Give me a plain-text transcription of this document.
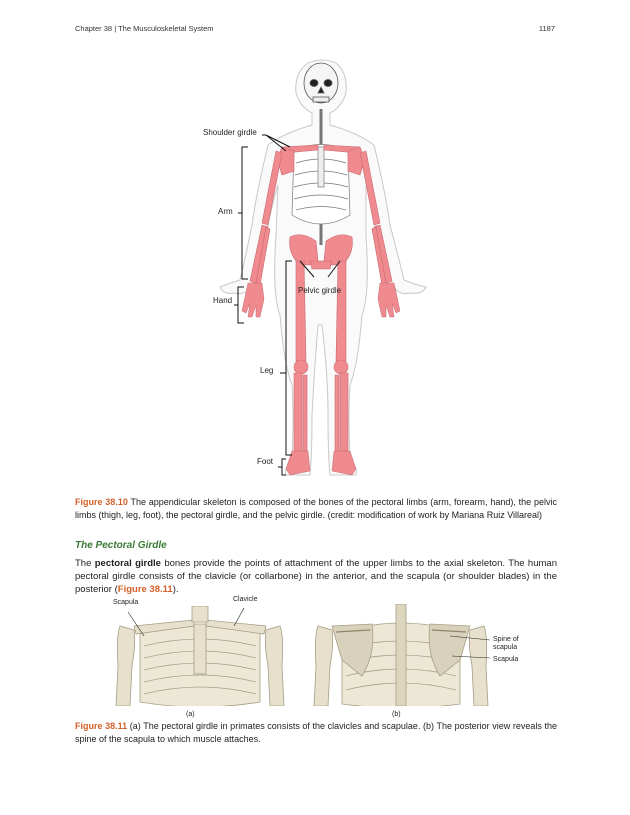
Chapter 38 | The Musculoskeletal System	1187
Shoulder girdle
Arm
Hand
Pelvic girdle
Leg
Foot
Figure 38.10 The appendicular skeleton is composed of the bones of the pectoral limbs (arm, forearm, hand), the pelvic limbs (thigh, leg, foot), the pectoral girdle, and the pelvic girdle. (credit: modification of work by Mariana Ruiz Villareal)
The Pectoral Girdle
The pectoral girdle bones provide the points of attachment of the upper limbs to the axial skeleton. The human pectoral girdle consists of the clavicle (or collarbone) in the anterior, and the scapula (or shoulder blades) in the posterior (Figure 38.11).
Scapula	Clavicle
(a)
Spine of scapula
Scapula
(b)
Figure 38.11 (a) The pectoral girdle in primates consists of the clavicles and scapulae. (b) The posterior view reveals the spine of the scapula to which muscle attaches.
